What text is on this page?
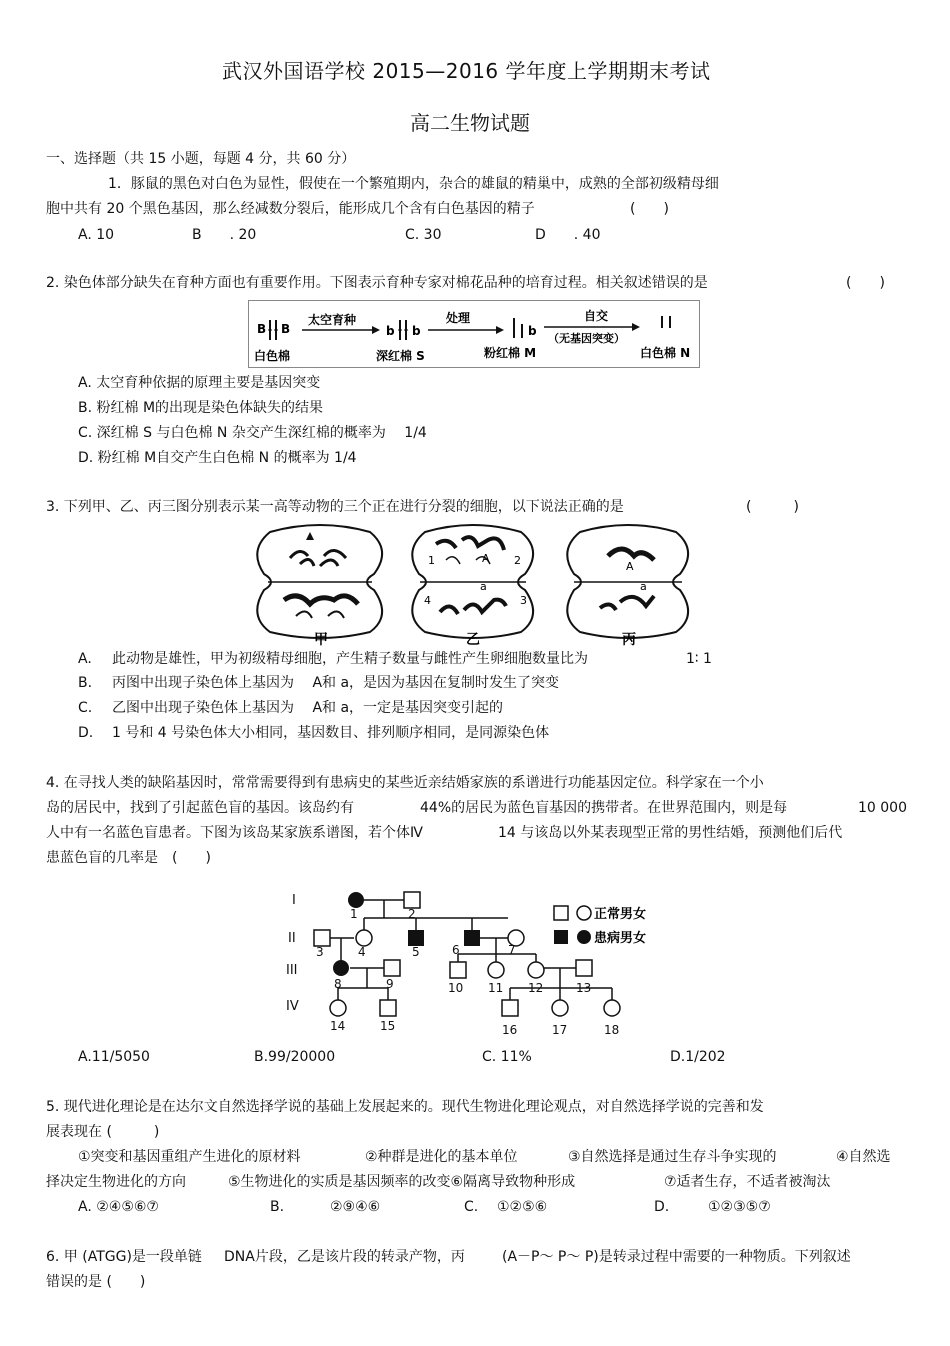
武汉外国语学校 2015—2016 学年度上学期期末考试
高二生物试题
一、选择题（共 15 小题，每题 4 分，共 60 分）
1．豚鼠的黑色对白色为显性，假使在一个繁殖期内，杂合的雄鼠的精巢中，成熟的全部初级精母细
胞中共有 20 个黑色基因，那么经减数分裂后，能形成几个含有白色基因的精子	(　　)
A. 10	B　　. 20	C. 30	D　　. 40
2. 染色体部分缺失在育种方面也有重要作用。下图表示育种专家对棉花品种的培育过程。相关叙述错误的是	(　　)
B B
太空育种
b b
处理
b
自交
（无基因突变）
白色棉	深红棉 S	粉红棉 M	白色棉 N
A. 太空育种依据的原理主要是基因突变
B. 粉红棉 M的出现是染色体缺失的结果
C. 深红棉 S 与白色棉 N 杂交产生深红棉的概率为　 1/4
D. 粉红棉 M自交产生白色棉 N 的概率为 1/4
3. 下列甲、乙、丙三图分别表示某一高等动物的三个正在进行分裂的细胞，以下说法正确的是	(　　　)
1	2
3
4
A
a
A
a
甲	乙	丙
A. 此动物是雄性，甲为初级精母细胞，产生精子数量与雌性产生卵细胞数量比为	1∶ 1
B. 丙图中出现子染色体上基因为　 A和 a，是因为基因在复制时发生了突变
C. 乙图中出现子染色体上基因为　 A和 a，一定是基因突变引起的
D. 1 号和 4 号染色体大小相同，基因数目、排列顺序相同，是同源染色体
4. 在寻找人类的缺陷基因时，常常需要得到有患病史的某些近亲结婚家族的系谱进行功能基因定位。科学家在一个小
岛的居民中，找到了引起蓝色盲的基因。该岛约有	44%的居民为蓝色盲基因的携带者。在世界范围内，则是每	10 000
人中有一名蓝色盲患者。下图为该岛某家族系谱图，若个体Ⅳ	14 与该岛以外某表现型正常的男性结婚，预测他们后代
患蓝色盲的几率是　(　　)
I
II
III
IV
1	2
3	4	5	6	7
8	9	10 11 12	13
14	15	16	17	18
正常男女
患病男女
A.11/5050	B.99/20000	C. 11%	D.1/202
5. 现代进化理论是在达尔文自然选择学说的基础上发展起来的。现代生物进化理论观点，对自然选择学说的完善和发
展表现在 (　　　)
①突变和基因重组产生进化的原材料	②种群是进化的基本单位	③自然选择是通过生存斗争实现的	④自然选
择决定生物进化的方向	⑤生物进化的实质是基因频率的改变⑥隔离导致物种形成	⑦适者生存，不适者被淘汰
A. ②④⑤⑥⑦	B.	②⑨④⑥	C. ①②⑤⑥	D.	①②③⑤⑦
6. 甲 (ATGG)是一段单链 DNA片段，乙是该片段的转录产物，丙	(A－P～ P～ P)是转录过程中需要的一种物质。下列叙述
错误的是 (　　)
